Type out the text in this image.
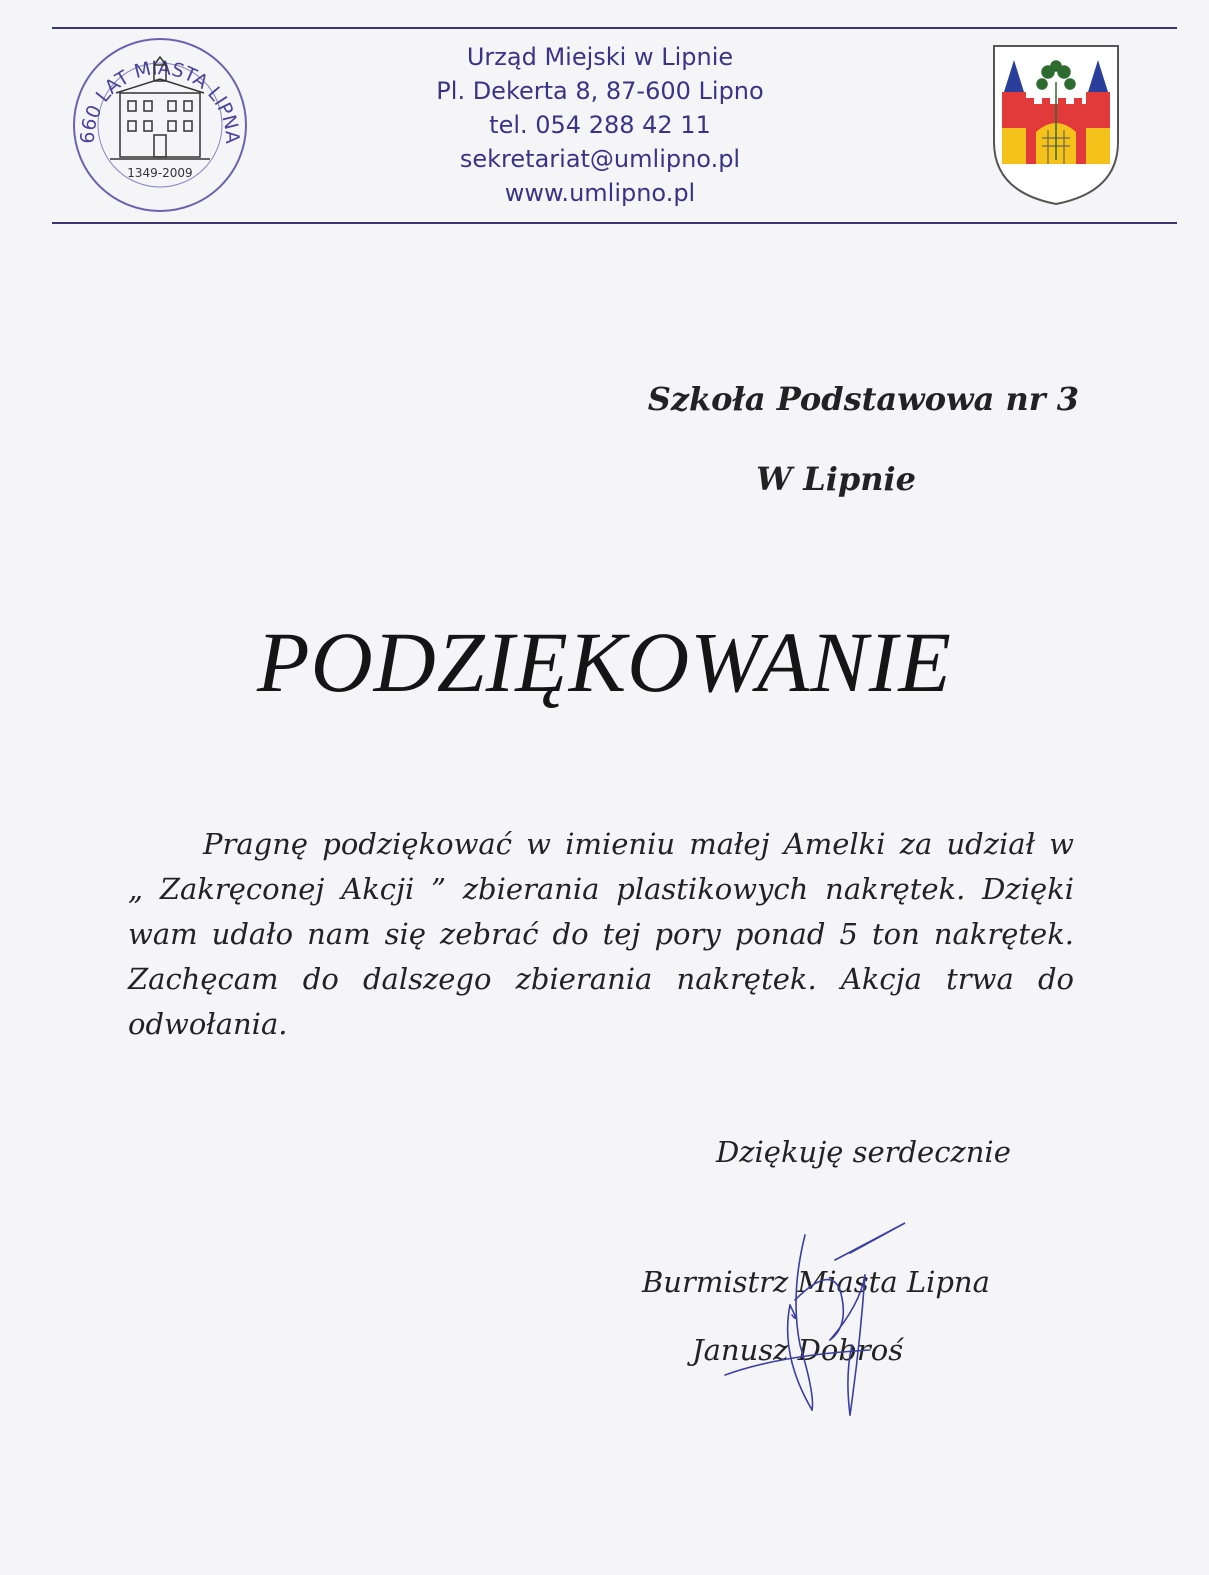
660 LAT MIASTA LIPNA
1349-2009
Urząd Miejski w Lipnie
Pl. Dekerta 8, 87-600 Lipno
tel. 054 288 42 11
sekretariat@umlipno.pl
www.umlipno.pl
Szkoła Podstawowa nr 3
W Lipnie
PODZIĘKOWANIE
Pragnę podziękować w imieniu małej Amelki za udział w „ Zakręconej Akcji ” zbierania plastikowych nakrętek. Dzięki wam udało nam się zebrać do tej pory ponad 5 ton nakrętek. Zachęcam do dalszego zbierania nakrętek. Akcja trwa do odwołania.
Dziękuję serdecznie
Burmistrz Miasta Lipna
Janusz Dobroś
